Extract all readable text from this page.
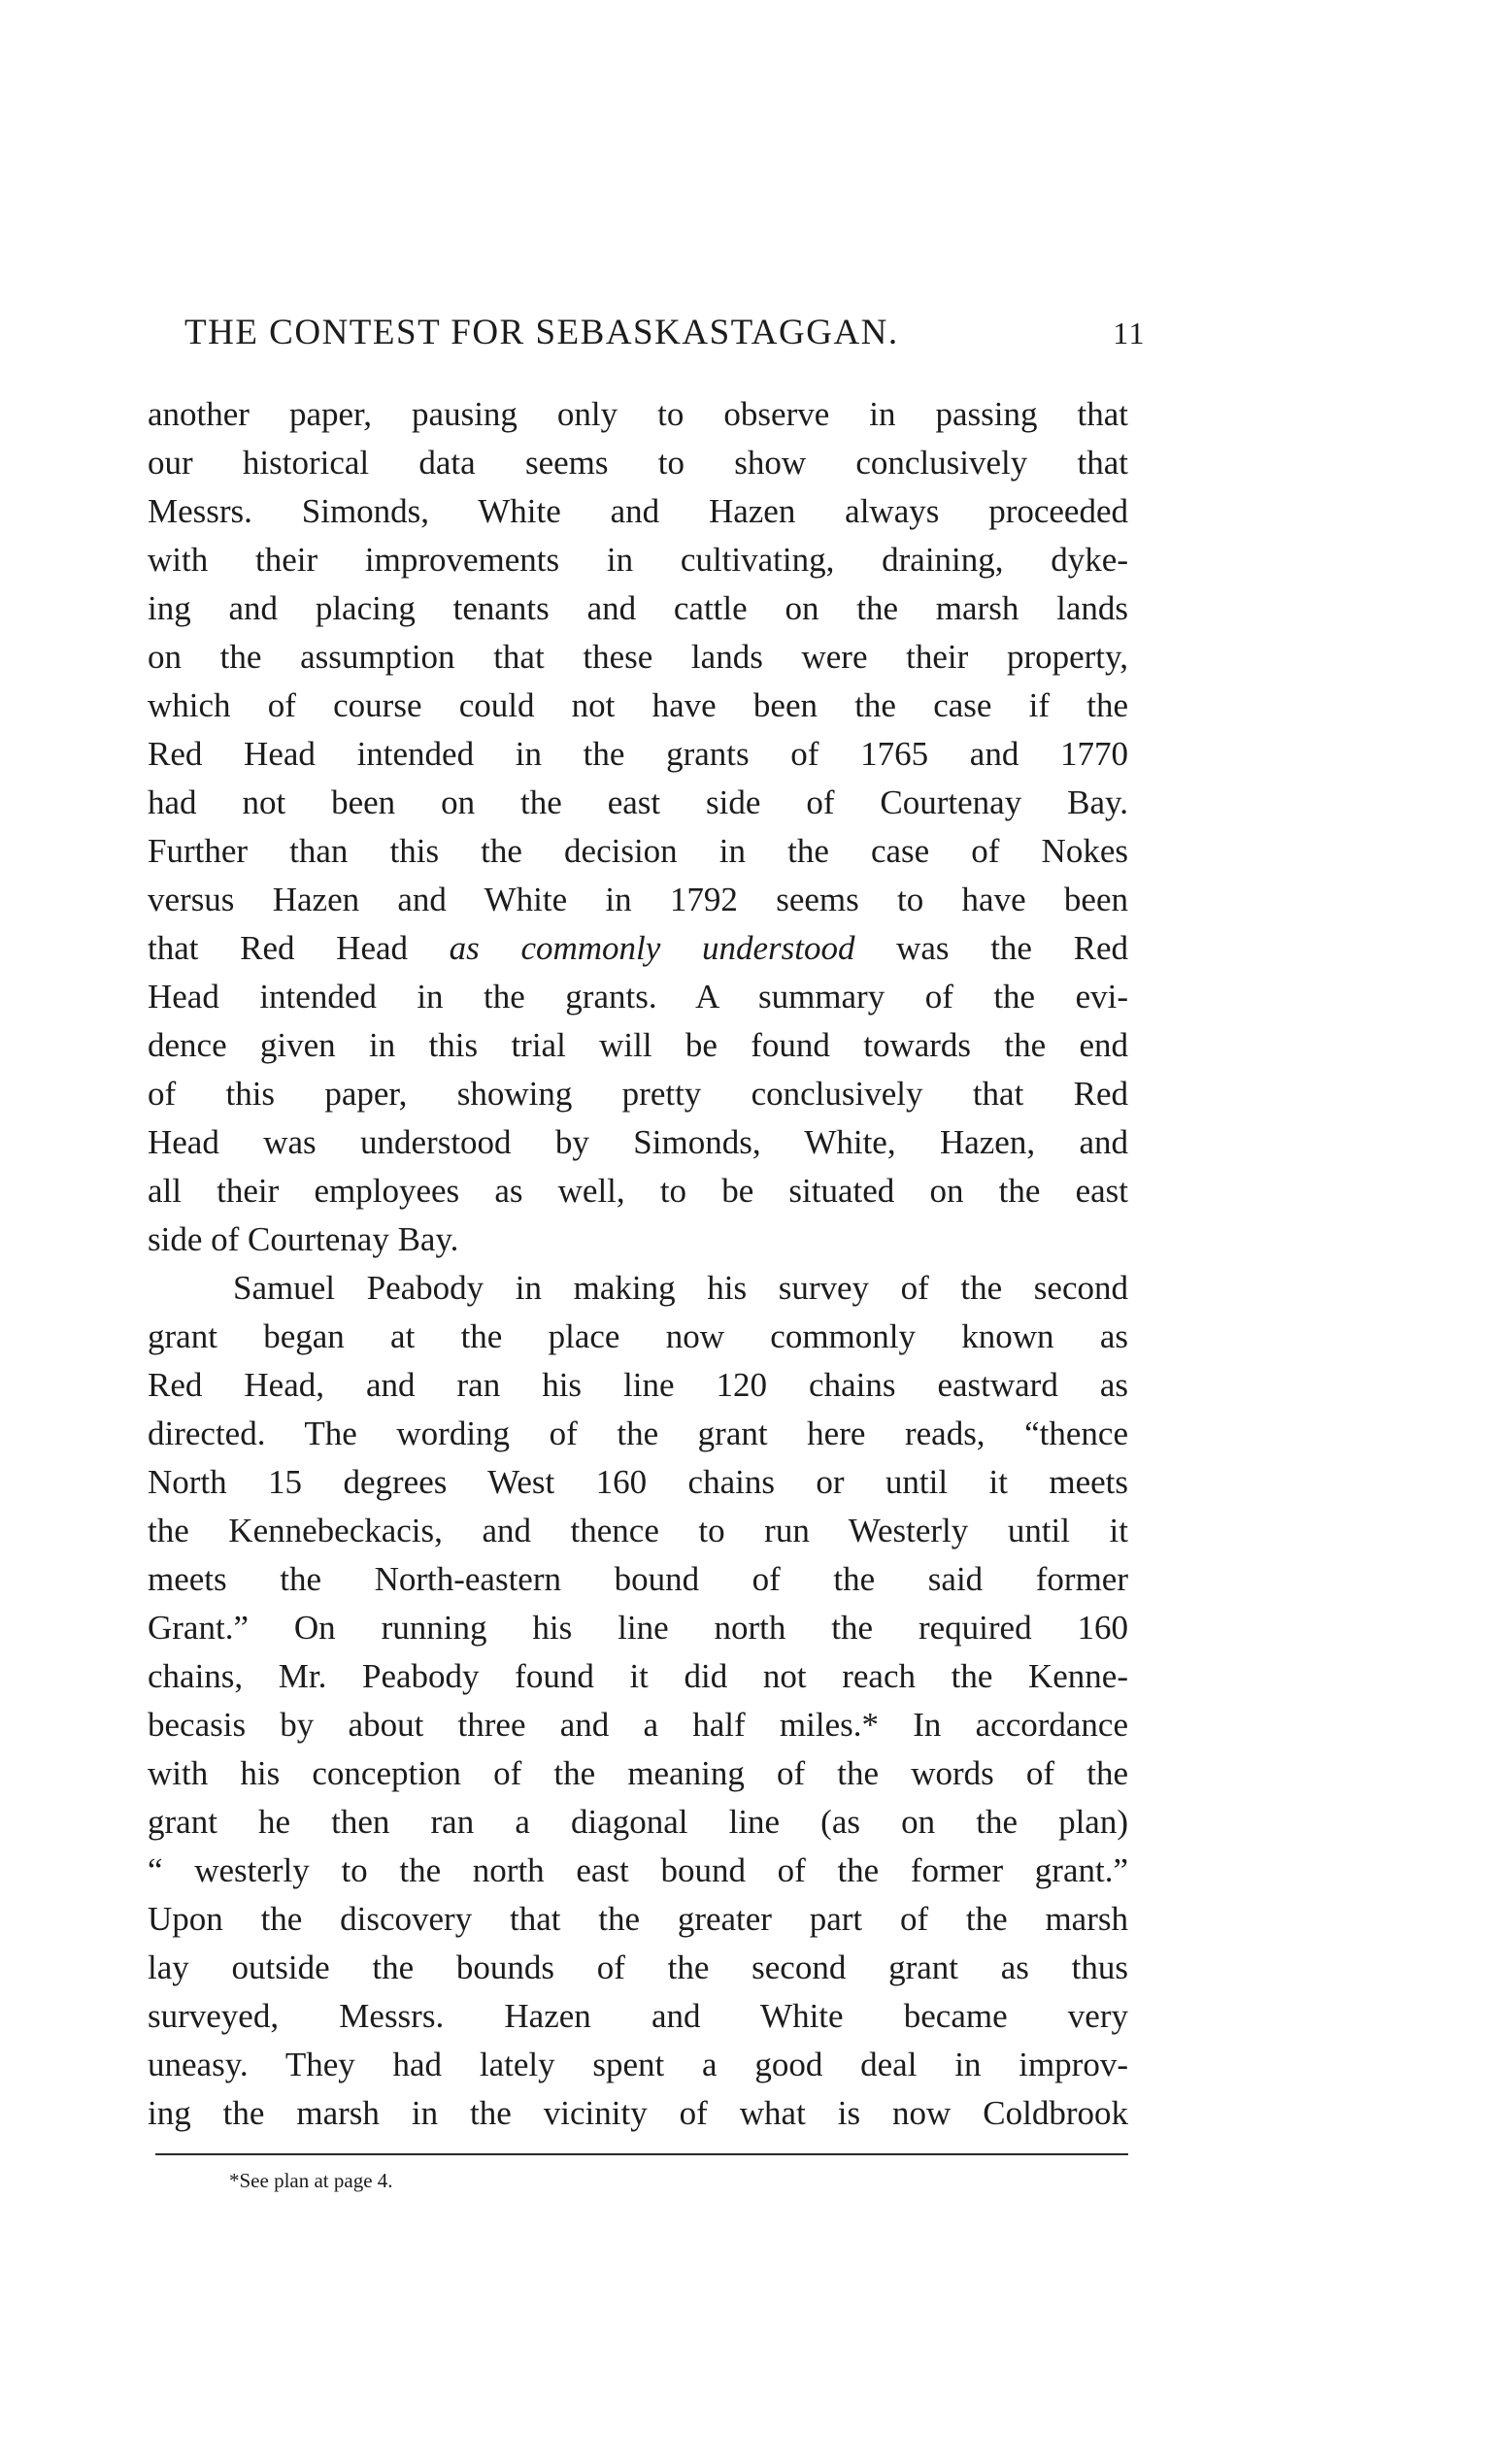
THE CONTEST FOR SEBASKASTAGGAN.	11
another paper, pausing only to observe in passing that
our historical data seems to show conclusively that
Messrs. Simonds, White and Hazen always proceeded
with their improvements in cultivating, draining, dyke-
ing and placing tenants and cattle on the marsh lands
on the assumption that these lands were their property,
which of course could not have been the case if the
Red Head intended in the grants of 1765 and 1770
had not been on the east side of Courtenay Bay.
Further than this the decision in the case of Nokes
versus Hazen and White in 1792 seems to have been
that Red Head as commonly understood was the Red
Head intended in the grants. A summary of the evi-
dence given in this trial will be found towards the end
of this paper, showing pretty conclusively that Red
Head was understood by Simonds, White, Hazen, and
all their employees as well, to be situated on the east
side of Courtenay Bay.
Samuel Peabody in making his survey of the second
grant began at the place now commonly known as
Red Head, and ran his line 120 chains eastward as
directed. The wording of the grant here reads, “thence
North 15 degrees West 160 chains or until it meets
the Kennebeckacis, and thence to run Westerly until it
meets the North-eastern bound of the said former
Grant.” On running his line north the required 160
chains, Mr. Peabody found it did not reach the Kenne-
becasis by about three and a half miles.* In accordance
with his conception of the meaning of the words of the
grant he then ran a diagonal line (as on the plan)
“ westerly to the north east bound of the former grant.”
Upon the discovery that the greater part of the marsh
lay outside the bounds of the second grant as thus
surveyed, Messrs. Hazen and White became very
uneasy. They had lately spent a good deal in improv-
ing the marsh in the vicinity of what is now Coldbrook
*See plan at page 4.
